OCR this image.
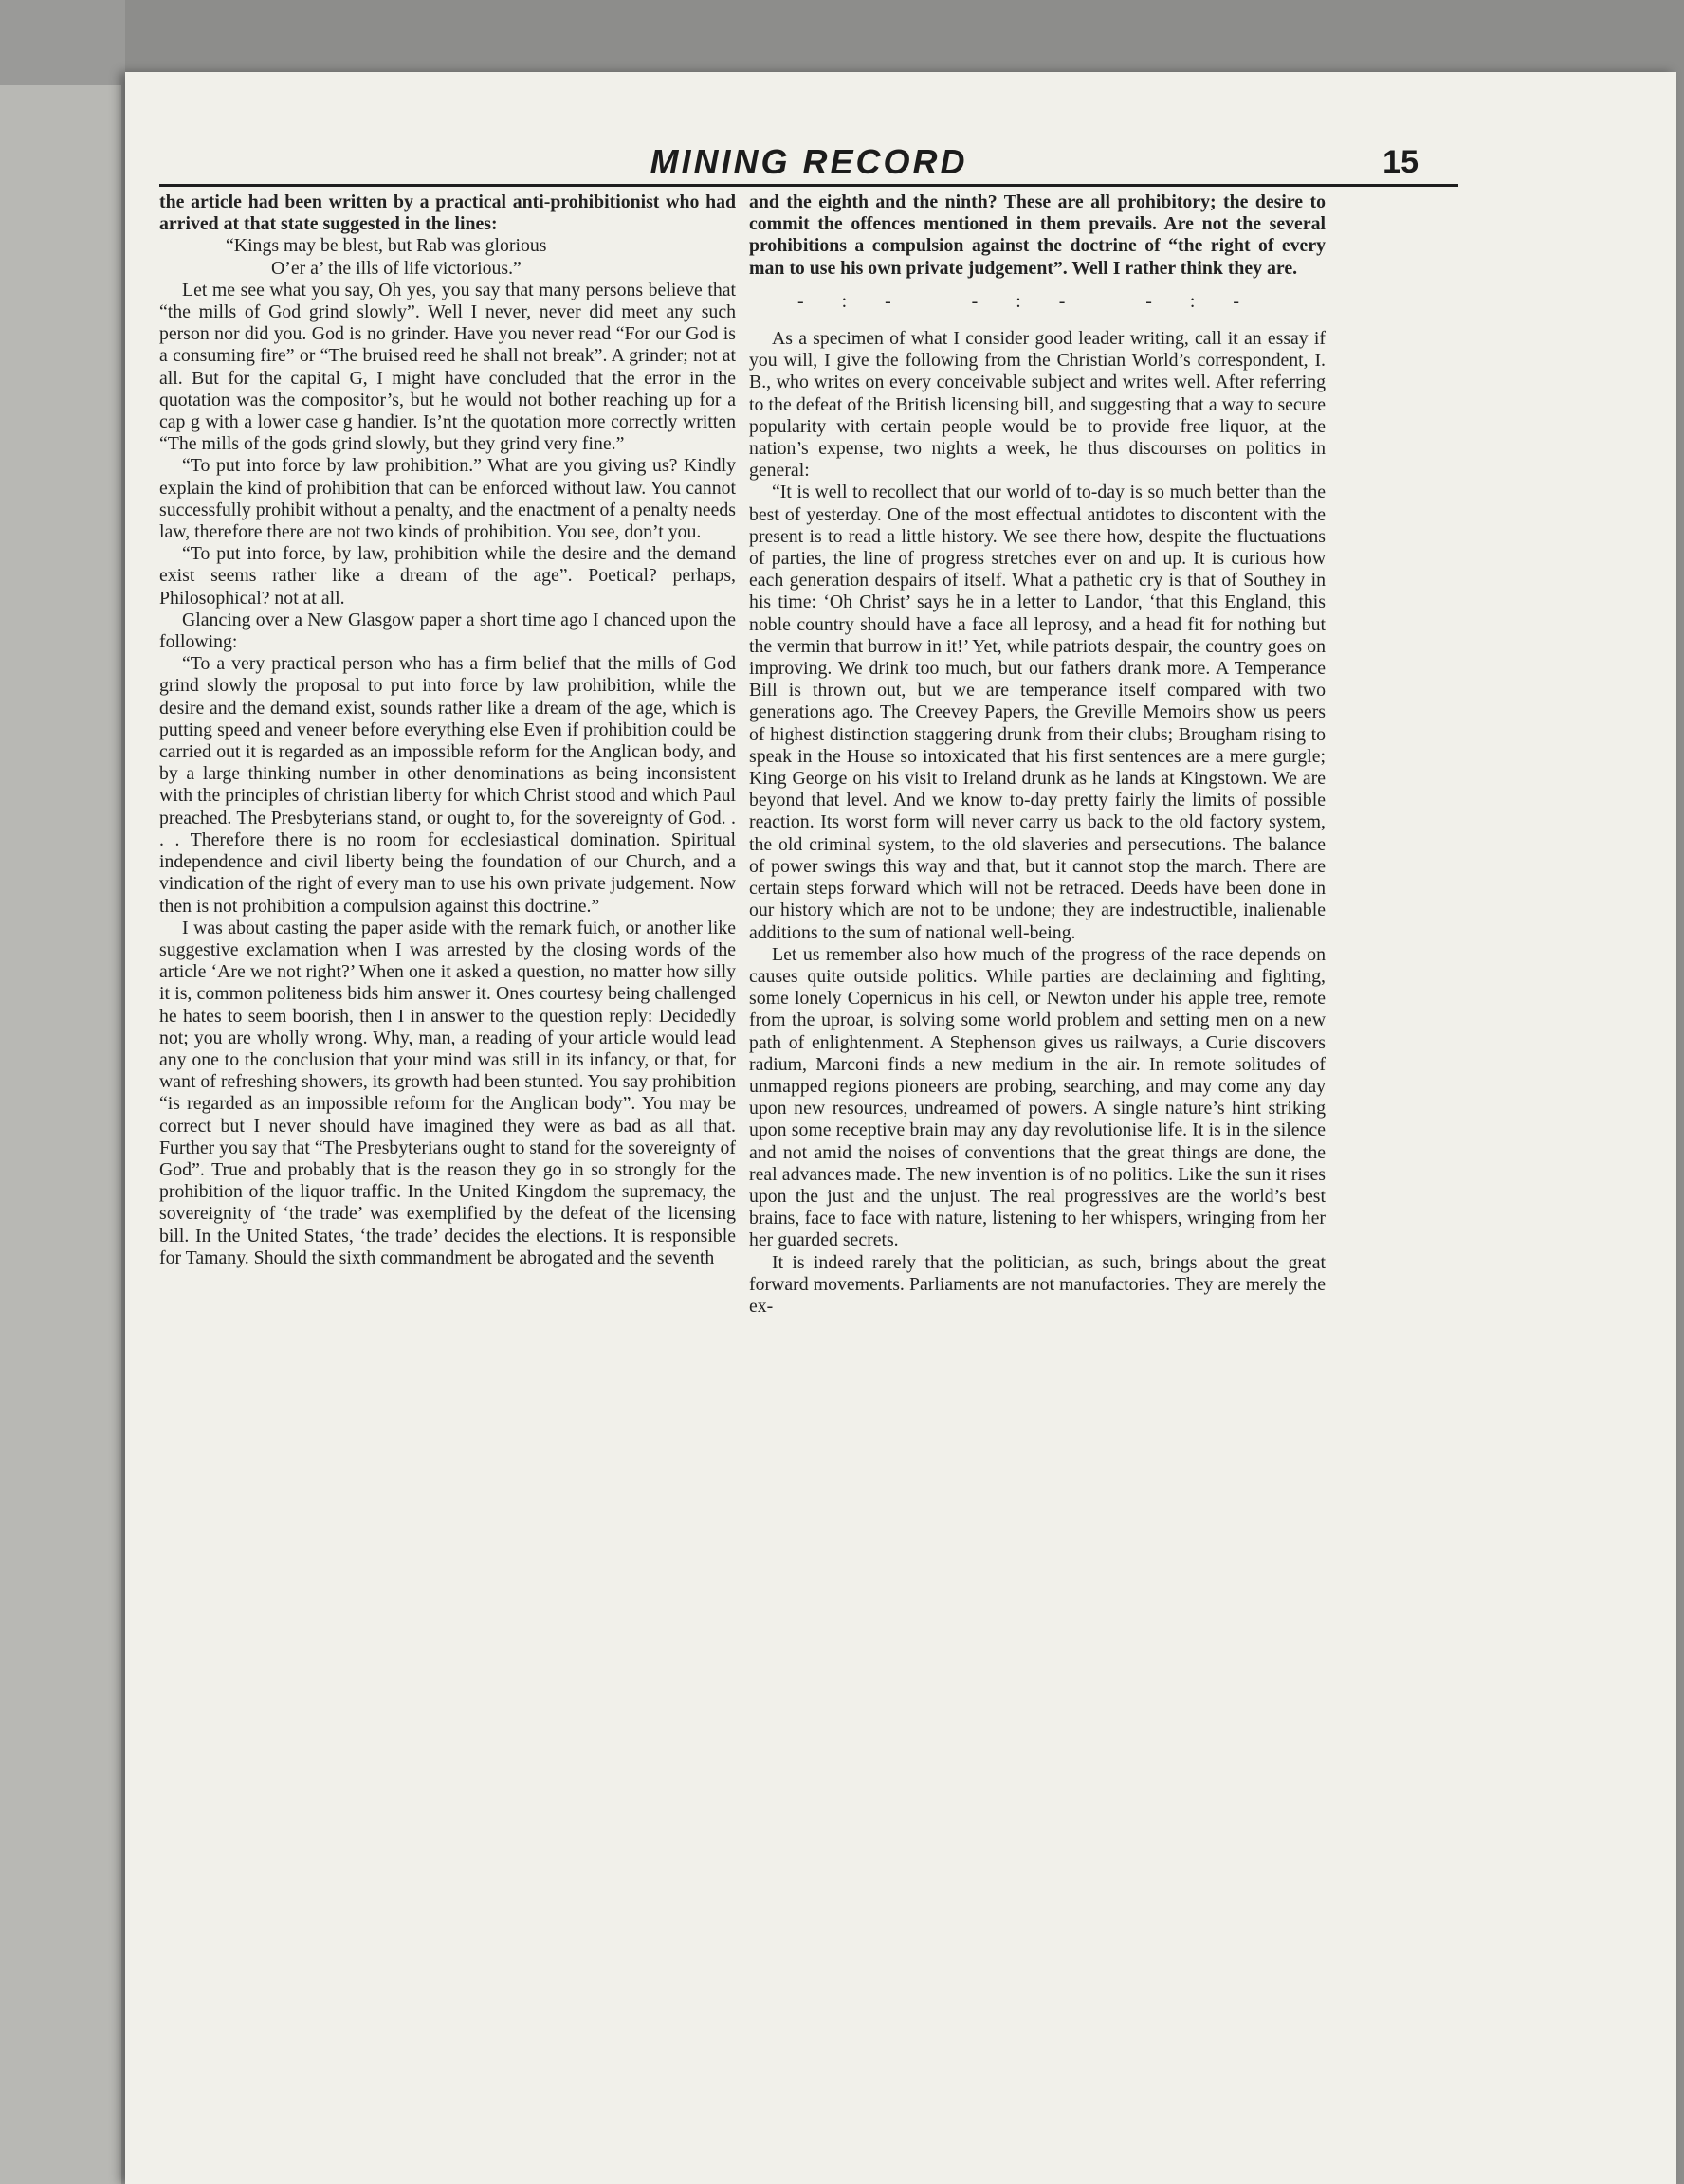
MINING RECORD	15

the article had been written by a practical anti-prohibitionist who had arrived at that state suggested in the lines:

“Kings may be blest, but Rab was glorious

O’er a’ the ills of life victorious.”

Let me see what you say, Oh yes, you say that many persons believe that “the mills of God grind slowly”. Well I never, never did meet any such person nor did you. God is no grinder. Have you never read “For our God is a consuming fire” or “The bruised reed he shall not break”. A grinder; not at all. But for the capital G, I might have concluded that the error in the quotation was the compositor’s, but he would not bother reaching up for a cap g with a lower case g handier. Is’nt the quotation more correctly written “The mills of the gods grind slowly, but they grind very fine.”

“To put into force by law prohibition.” What are you giving us? Kindly explain the kind of prohibition that can be enforced without law. You cannot successfully prohibit without a penalty, and the enactment of a penalty needs law, therefore there are not two kinds of prohibition. You see, don’t you.

“To put into force, by law, prohibition while the desire and the demand exist seems rather like a dream of the age”. Poetical? perhaps, Philosophical? not at all.

Glancing over a New Glasgow paper a short time ago I chanced upon the following:

“To a very practical person who has a firm belief that the mills of God grind slowly the proposal to put into force by law prohibition, while the desire and the demand exist, sounds rather like a dream of the age, which is putting speed and veneer before everything else Even if prohibition could be carried out it is regarded as an impossible reform for the Anglican body, and by a large thinking number in other denominations as being inconsistent with the principles of christian liberty for which Christ stood and which Paul preached. The Presbyterians stand, or ought to, for the sovereignty of God. . . . Therefore there is no room for ecclesiastical domination. Spiritual independence and civil liberty being the foundation of our Church, and a vindication of the right of every man to use his own private judgement. Now then is not prohibition a compulsion against this doctrine.”

I was about casting the paper aside with the remark fuich, or another like suggestive exclamation when I was arrested by the closing words of the article ‘Are we not right?’ When one it asked a question, no matter how silly it is, common politeness bids him answer it. Ones courtesy being challenged he hates to seem boorish, then I in answer to the question reply: Decidedly not; you are wholly wrong. Why, man, a reading of your article would lead any one to the conclusion that your mind was still in its infancy, or that, for want of refreshing showers, its growth had been stunted. You say prohibition “is regarded as an impossible reform for the Anglican body”. You may be correct but I never should have imagined they were as bad as all that. Further you say that “The Presbyterians ought to stand for the sovereignty of God”. True and probably that is the reason they go in so strongly for the prohibition of the liquor traffic. In the United Kingdom the supremacy, the sovereignity of ‘the trade’ was exemplified by the defeat of the licensing bill. In the United States, ‘the trade’ decides the elections. It is responsible for Tamany. Should the sixth commandment be abrogated and the seventh

and the eighth and the ninth? These are all prohibitory; the desire to commit the offences mentioned in them prevails. Are not the several prohibitions a compulsion against the doctrine of “the right of every man to use his own private judgement”. Well I rather think they are.

-:- -:- -:-

As a specimen of what I consider good leader writing, call it an essay if you will, I give the following from the Christian World’s correspondent, I. B., who writes on every conceivable subject and writes well. After referring to the defeat of the British licensing bill, and suggesting that a way to secure popularity with certain people would be to provide free liquor, at the nation’s expense, two nights a week, he thus discourses on politics in general:

“It is well to recollect that our world of to-day is so much better than the best of yesterday. One of the most effectual antidotes to discontent with the present is to read a little history. We see there how, despite the fluctuations of parties, the line of progress stretches ever on and up. It is curious how each generation despairs of itself. What a pathetic cry is that of Southey in his time: ‘Oh Christ’ says he in a letter to Landor, ‘that this England, this noble country should have a face all leprosy, and a head fit for nothing but the vermin that burrow in it!’ Yet, while patriots despair, the country goes on improving. We drink too much, but our fathers drank more. A Temperance Bill is thrown out, but we are temperance itself compared with two generations ago. The Creevey Papers, the Greville Memoirs show us peers of highest distinction staggering drunk from their clubs; Brougham rising to speak in the House so intoxicated that his first sentences are a mere gurgle; King George on his visit to Ireland drunk as he lands at Kingstown. We are beyond that level. And we know to-day pretty fairly the limits of possible reaction. Its worst form will never carry us back to the old factory system, the old criminal system, to the old slaveries and persecutions. The balance of power swings this way and that, but it cannot stop the march. There are certain steps forward which will not be retraced. Deeds have been done in our history which are not to be undone; they are indestructible, inalienable additions to the sum of national well-being.

Let us remember also how much of the progress of the race depends on causes quite outside politics. While parties are declaiming and fighting, some lonely Copernicus in his cell, or Newton under his apple tree, remote from the uproar, is solving some world problem and setting men on a new path of enlightenment. A Stephenson gives us railways, a Curie discovers radium, Marconi finds a new medium in the air. In remote solitudes of unmapped regions pioneers are probing, searching, and may come any day upon new resources, undreamed of powers. A single nature’s hint striking upon some receptive brain may any day revolutionise life. It is in the silence and not amid the noises of conventions that the great things are done, the real advances made. The new invention is of no politics. Like the sun it rises upon the just and the unjust. The real progressives are the world’s best brains, face to face with nature, listening to her whispers, wringing from her her guarded secrets.

It is indeed rarely that the politician, as such, brings about the great forward movements. Parliaments are not manufactories. They are merely the ex-
